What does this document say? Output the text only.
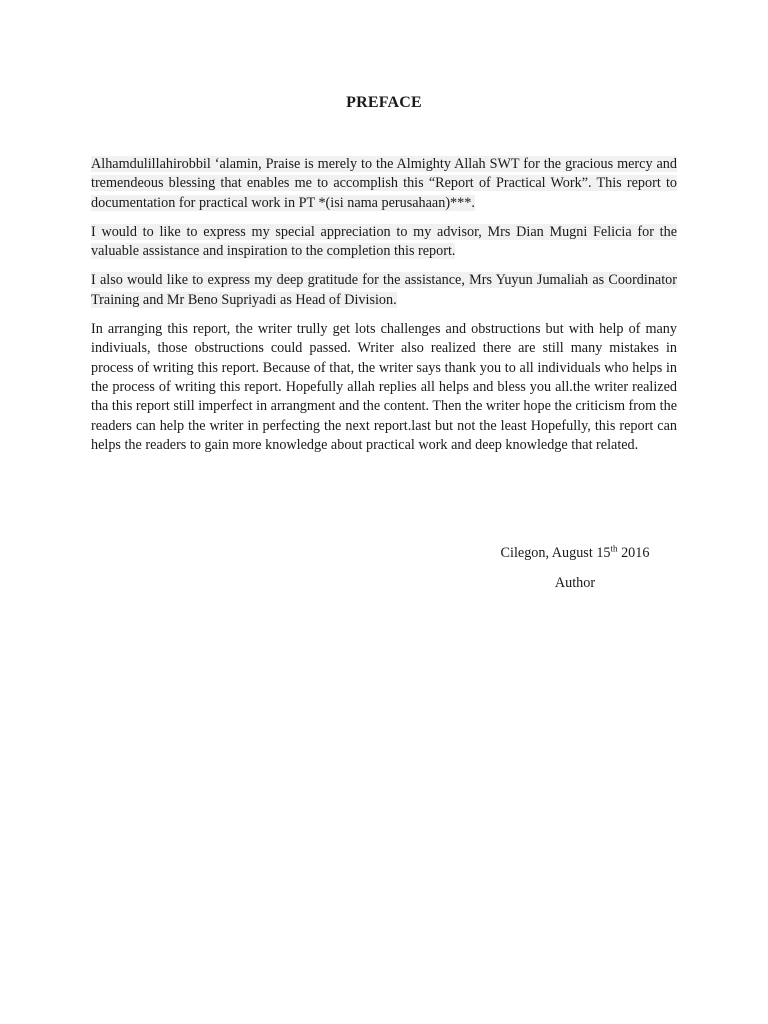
PREFACE

Alhamdulillahirobbil ‘alamin, Praise is merely to the Almighty Allah SWT for the gracious mercy and tremendeous blessing that enables me to accomplish this “Report of Practical Work”. This report to documentation for practical work in PT *(isi nama perusahaan)***.

I would to like to express my special appreciation to my advisor, Mrs Dian Mugni Felicia for the valuable assistance and inspiration to the completion this report.

I also would like to express my deep gratitude for the assistance, Mrs Yuyun Jumaliah as Coordinator Training and Mr Beno Supriyadi as Head of Division.

In arranging this report, the writer trully get lots challenges and obstructions but with help of many indiviuals, those obstructions could passed. Writer also realized there are still many mistakes in process of writing this report. Because of that, the writer says thank you to all individuals who helps in the process of writing this report. Hopefully allah replies all helps and bless you all.the writer realized tha this report still imperfect in arrangment and the content. Then the writer hope the criticism from the readers can help the writer in perfecting the next report.last but not the least Hopefully, this report can helps the readers to gain more knowledge about practical work and deep knowledge that related.

Cilegon, August 15th 2016
Author
